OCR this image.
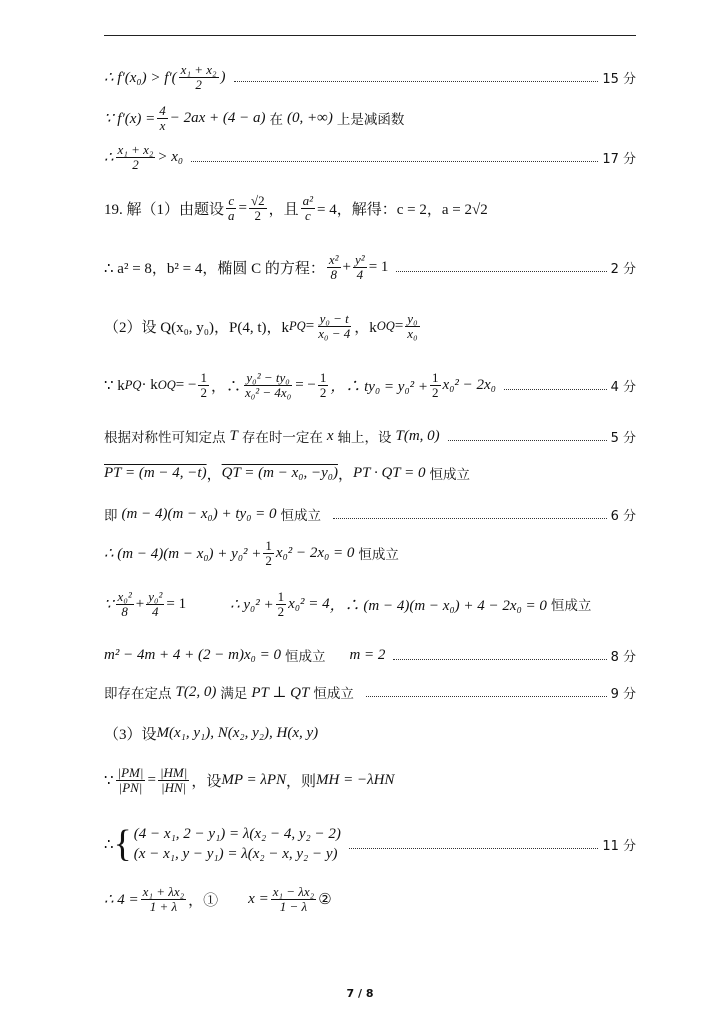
∴ $f'(x_0) > f'( \frac{\text{x₁ + x₂}}{2}$ )	15 分
∵ $f'(x) = \frac{4}{x} - 2ax + (4 - a)$ 在 (0, +∞) 上是减函数
∴ $\frac{\text{x₁ + x₂}}{2} > x_0$	17 分
19. 解（1）由题设 $\frac{c}{a} = \frac{√2}{2}$ ，且 $\frac{\text{a²}}{c} = 4$，解得：c = 2，a = 2√2
∴ a² = 8，b² = 4，椭圆 C 的方程： $\frac{\text{x²}}{8} + \frac{\text{y²}}{4} = 1$	2 分
（2）设 Q(x₀, y₀)，P(4, t)，k PQ = $\frac{\text{y₀ − t}}{\text{x₀ − 4}}$ ，k OQ = $\frac{\text{y₀}}{\text{x₀}}$
∵ k PQ · k OQ = − $\frac{1}{2}$ ，∴ $\frac{\text{y₀² − ty₀}}{\text{x₀² − 4x₀}}$ = − $\frac{1}{2}$ ，∴ $ty_0 = y_0^2 + \frac{1}{2} x_0^2 - 2x_0$	4 分
根据对称性可知定点 T 存在时一定在 x 轴上，设 T(m, 0)	5 分
PT = (m − 4, −t) ， QT = (m − x₀, −y₀) ， PT · QT = 0 恒成立
即 (m − 4)(m − x₀) + ty₀ = 0 恒成立	6 分
∴ $(m - 4)(m - x_0) + y_0^2 + \frac{1}{2} x_0^2 - 2x_0 = 0$ 恒成立
∵ $\frac{\text{x₀²}}{8} + \frac{\text{y₀²}}{4} = 1$	∴ $y_0^2 + \frac{1}{2} x_0^2 = 4$ ，∴ (m − 4)(m − x₀) + 4 − 2x₀ = 0 恒成立
m² − 4m + 4 + (2 − m)x₀ = 0 恒成立 m = 2	8 分
即存在定点 T(2, 0) 满足 PT ⊥ QT 恒成立	9 分
（3）设 M(x₁, y₁), N(x₂, y₂), H(x, y)
∵ $\frac{|PM|}{|PN|} = \frac{|HM|}{|HN|}$ ，设 MP = λPN ，则 MH = −λHN
∴ { (4 − x₁, 2 − y₁) = λ(x₂ − 4, y₂ − 2)
(x − x₁, y − y₁) = λ(x₂ − x, y₂ − y)	11 分
∴ $4 = \frac{\text{x₁ + λx₂}}{1 + \lambda}$ ，① $x = \frac{\text{x₁ − λx₂}}{1 - \lambda}$ ②
7 / 8
